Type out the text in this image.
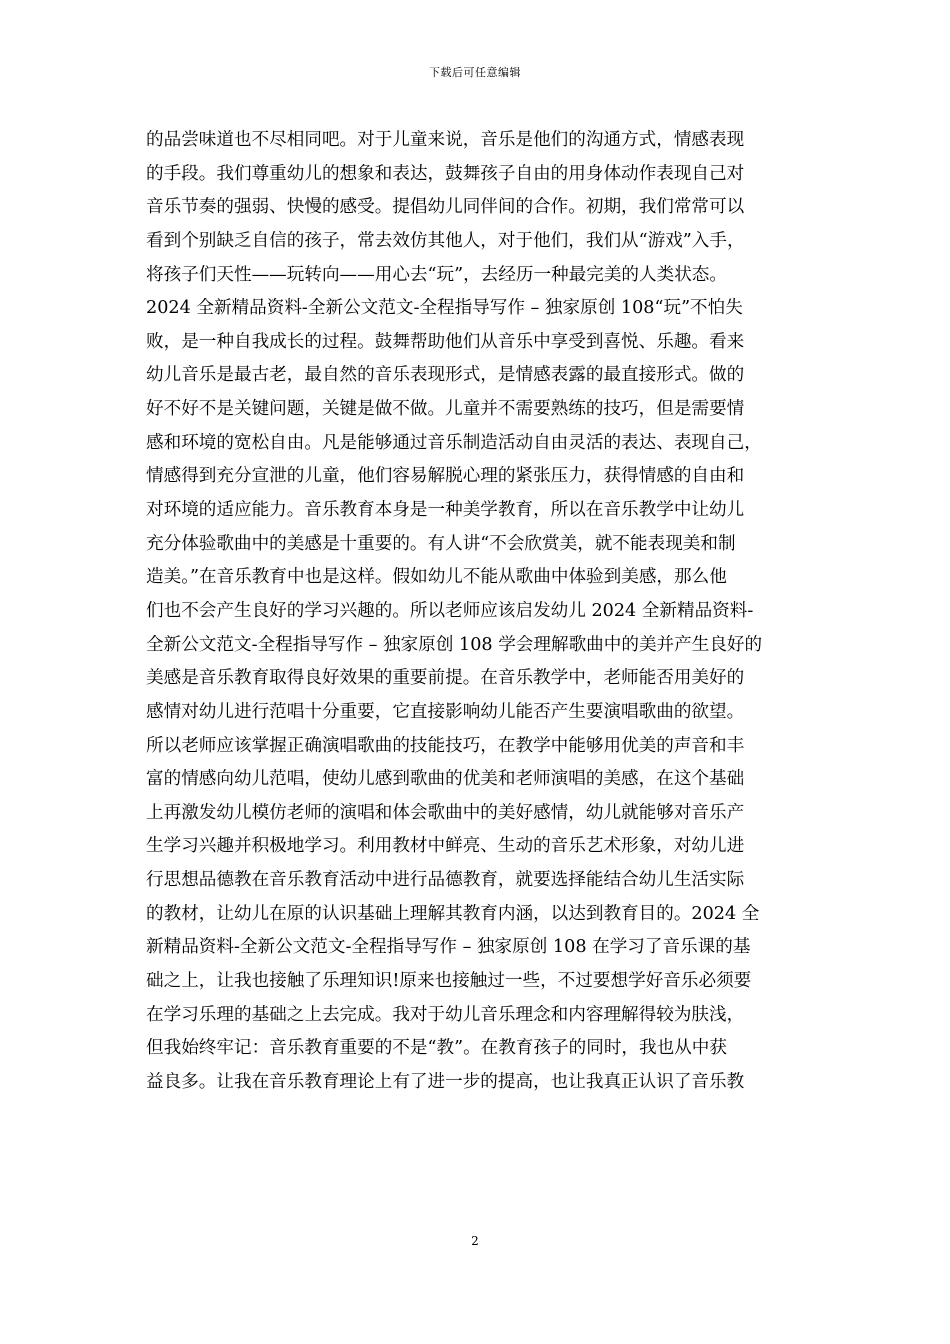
下载后可任意编辑
的品尝味道也不尽相同吧。对于儿童来说，音乐是他们的沟通方式，情感表现
的手段。我们尊重幼儿的想象和表达，鼓舞孩子自由的用身体动作表现自己对
音乐节奏的强弱、快慢的感受。提倡幼儿同伴间的合作。初期，我们常常可以
看到个别缺乏自信的孩子，常去效仿其他人，对于他们，我们从“游戏”入手，
将孩子们天性——玩转向——用心去“玩”，去经历一种最完美的人类状态。
2024 全新精品资料-全新公文范文-全程指导写作 – 独家原创 108“玩”不怕失
败，是一种自我成长的过程。鼓舞帮助他们从音乐中享受到喜悦、乐趣。看来
幼儿音乐是最古老，最自然的音乐表现形式，是情感表露的最直接形式。做的
好不好不是关键问题，关键是做不做。儿童并不需要熟练的技巧，但是需要情
感和环境的宽松自由。凡是能够通过音乐制造活动自由灵活的表达、表现自己，
情感得到充分宣泄的儿童，他们容易解脱心理的紧张压力，获得情感的自由和
对环境的适应能力。音乐教育本身是一种美学教育，所以在音乐教学中让幼儿
充分体验歌曲中的美感是十重要的。有人讲“不会欣赏美，就不能表现美和制
造美。”在音乐教育中也是这样。假如幼儿不能从歌曲中体验到美感，那么他
们也不会产生良好的学习兴趣的。所以老师应该启发幼儿 2024 全新精品资料-
全新公文范文-全程指导写作 – 独家原创 108 学会理解歌曲中的美并产生良好的
美感是音乐教育取得良好效果的重要前提。在音乐教学中，老师能否用美好的
感情对幼儿进行范唱十分重要，它直接影响幼儿能否产生要演唱歌曲的欲望。
所以老师应该掌握正确演唱歌曲的技能技巧，在教学中能够用优美的声音和丰
富的情感向幼儿范唱，使幼儿感到歌曲的优美和老师演唱的美感，在这个基础
上再激发幼儿模仿老师的演唱和体会歌曲中的美好感情，幼儿就能够对音乐产
生学习兴趣并积极地学习。利用教材中鲜亮、生动的音乐艺术形象，对幼儿进
行思想品德教在音乐教育活动中进行品德教育，就要选择能结合幼儿生活实际
的教材，让幼儿在原的认识基础上理解其教育内涵，以达到教育目的。2024 全
新精品资料-全新公文范文-全程指导写作 – 独家原创 108 在学习了音乐课的基
础之上，让我也接触了乐理知识!原来也接触过一些，不过要想学好音乐必须要
在学习乐理的基础之上去完成。我对于幼儿音乐理念和内容理解得较为肤浅，
但我始终牢记：音乐教育重要的不是“教”。在教育孩子的同时，我也从中获
益良多。让我在音乐教育理论上有了进一步的提高，也让我真正认识了音乐教
2
